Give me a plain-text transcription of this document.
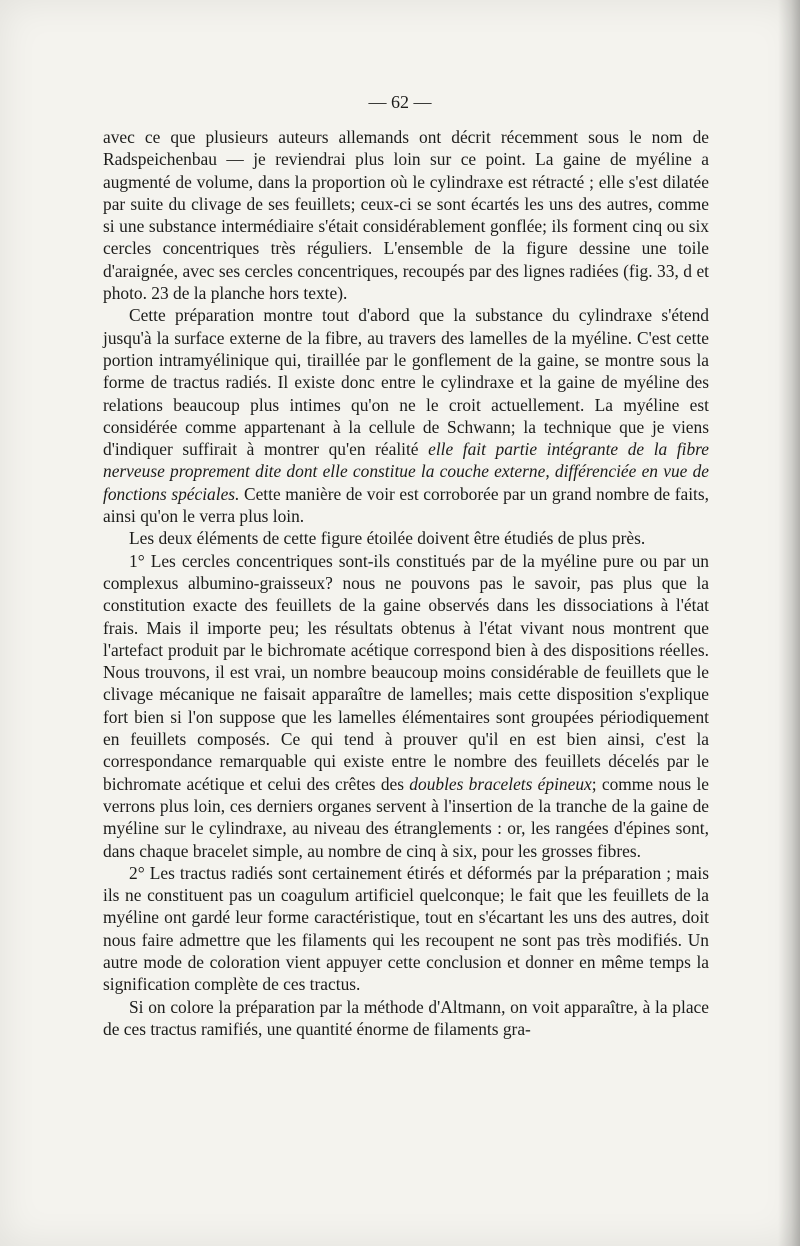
— 62 —

avec ce que plusieurs auteurs allemands ont décrit récemment sous le nom de Radspeichenbau — je reviendrai plus loin sur ce point. La gaine de myéline a augmenté de volume, dans la proportion où le cylindraxe est rétracté ; elle s'est dilatée par suite du clivage de ses feuillets; ceux-ci se sont écartés les uns des autres, comme si une substance intermédiaire s'était considérablement gonflée; ils forment cinq ou six cercles concentriques très réguliers. L'ensemble de la figure dessine une toile d'araignée, avec ses cercles concentriques, recoupés par des lignes radiées (fig. 33, d et photo. 23 de la planche hors texte).

Cette préparation montre tout d'abord que la substance du cylindraxe s'étend jusqu'à la surface externe de la fibre, au travers des lamelles de la myéline. C'est cette portion intramyélinique qui, tiraillée par le gonflement de la gaine, se montre sous la forme de tractus radiés. Il existe donc entre le cylindraxe et la gaine de myéline des relations beaucoup plus intimes qu'on ne le croit actuellement. La myéline est considérée comme appartenant à la cellule de Schwann; la technique que je viens d'indiquer suffirait à montrer qu'en réalité elle fait partie intégrante de la fibre nerveuse proprement dite dont elle constitue la couche externe, différenciée en vue de fonctions spéciales. Cette manière de voir est corroborée par un grand nombre de faits, ainsi qu'on le verra plus loin.

Les deux éléments de cette figure étoilée doivent être étudiés de plus près.

1° Les cercles concentriques sont-ils constitués par de la myéline pure ou par un complexus albumino-graisseux? nous ne pouvons pas le savoir, pas plus que la constitution exacte des feuillets de la gaine observés dans les dissociations à l'état frais. Mais il importe peu; les résultats obtenus à l'état vivant nous montrent que l'artefact produit par le bichromate acétique correspond bien à des dispositions réelles. Nous trouvons, il est vrai, un nombre beaucoup moins considérable de feuillets que le clivage mécanique ne faisait apparaître de lamelles; mais cette disposition s'explique fort bien si l'on suppose que les lamelles élémentaires sont groupées périodiquement en feuillets composés. Ce qui tend à prouver qu'il en est bien ainsi, c'est la correspondance remarquable qui existe entre le nombre des feuillets décelés par le bichromate acétique et celui des crêtes des doubles bracelets épineux; comme nous le verrons plus loin, ces derniers organes servent à l'insertion de la tranche de la gaine de myéline sur le cylindraxe, au niveau des étranglements : or, les rangées d'épines sont, dans chaque bracelet simple, au nombre de cinq à six, pour les grosses fibres.

2° Les tractus radiés sont certainement étirés et déformés par la préparation ; mais ils ne constituent pas un coagulum artificiel quelconque; le fait que les feuillets de la myéline ont gardé leur forme caractéristique, tout en s'écartant les uns des autres, doit nous faire admettre que les filaments qui les recoupent ne sont pas très modifiés. Un autre mode de coloration vient appuyer cette conclusion et donner en même temps la signification complète de ces tractus.

Si on colore la préparation par la méthode d'Altmann, on voit apparaître, à la place de ces tractus ramifiés, une quantité énorme de filaments gra-
